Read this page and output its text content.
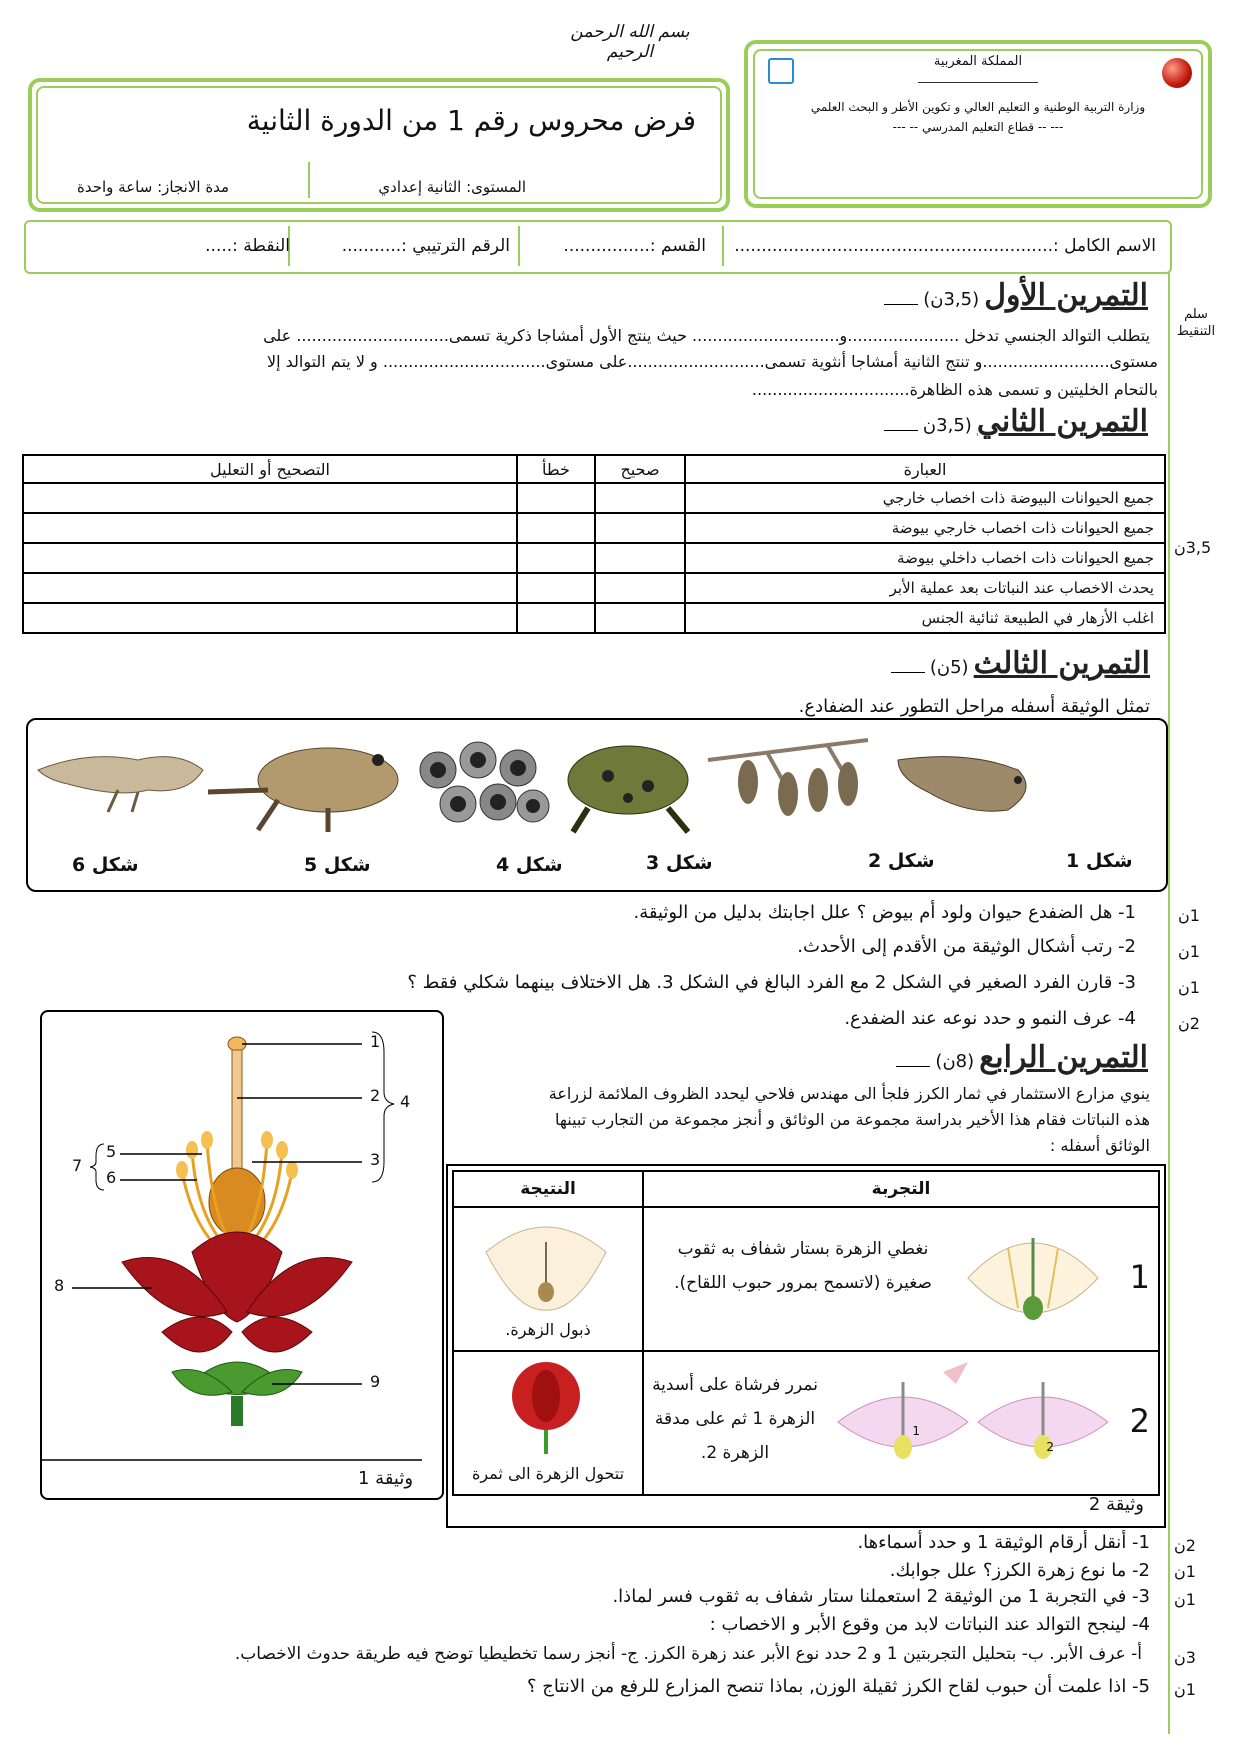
بسم الله الرحمن الرحيم	المملكة المغربية
وزارة التربية الوطنية و التعليم العالي و تكوين الأطر و البحث العلمي
--- -- قطاع التعليم المدرسي -- ---
فرض محروس رقم 1 من الدورة الثانية
المستوى: الثانية إعدادي
مدة الانجاز: ساعة واحدة
الاسم الكامل :...........................................................
القسم :................
الرقم الترتيبي :...........
النقطة :.....
سلم التنقيط
التمرين الأول (3,5ن)
يتطلب التوالد الجنسي تدخل ......................و............................. حيث ينتج الأول أمشاجا ذكرية تسمى.............................. على
مستوى.........................و تنتج الثانية أمشاجا أنثوية تسمى...........................على مستوى................................ و لا يتم التوالد إلا
بالتحام الخليتين و تسمى هذه الظاهرة...............................
التمرين الثاني (3,5ن
3,5ن
العبارة	صحيح	خطأ	التصحيح أو التعليل
جميع الحيوانات البيوضة ذات اخصاب خارجي			
جميع الحيوانات ذات اخصاب خارجي بيوضة			
جميع الحيوانات ذات اخصاب داخلي بيوضة			
يحدث الاخصاب عند النباتات بعد عملية الأبر			
اغلب الأزهار في الطبيعة ثنائية الجنس			
التمرين الثالث (5ن)
تمثل الوثيقة أسفله مراحل التطور عند الضفادع.
شكل 6	شكل 5	شكل 4	شكل 3	شكل 2	شكل 1
1- هل الضفدع حيوان ولود أم بيوض ؟ علل اجابتك بدليل من الوثيقة.	1ن
2- رتب أشكال الوثيقة من الأقدم إلى الأحدث.	1ن
3- قارن الفرد الصغير في الشكل 2 مع الفرد البالغ في الشكل 3. هل الاختلاف بينهما شكلي فقط ؟	1ن
4- عرف النمو و حدد نوعه عند الضفدع.	2ن
1
2
3
4
5
6
7
8
9
وثيقة 1
التمرين الرابع (8ن)
ينوي مزارع الاستثمار في ثمار الكرز فلجأ الى مهندس فلاحي ليحدد الظروف الملائمة لزراعة
هذه النباتات فقام هذا الأخير بدراسة مجموعة من الوثائق و أنجز مجموعة من التجارب تبينها
الوثائق أسفله :
التجربة	النتيجة

1
نغطي الزهرة بستار شفاف به ثقوب صغيرة (لاتسمح بمرور حبوب اللقاح).	ذبول الزهرة.

2
2
1
نمرر فرشاة على أسدية الزهرة 1 ثم على مدقة الزهرة 2.	تتحول الزهرة الى ثمرة
وثيقة 2
1- أنقل أرقام الوثيقة 1 و حدد أسماءها. 2ن
2- ما نوع زهرة الكرز؟ علل جوابك. 1ن
3- في التجربة 1 من الوثيقة 2 استعملنا ستار شفاف به ثقوب فسر لماذا. 1ن
4- لينجح التوالد عند النباتات لابد من وقوع الأبر و الاخصاب :
أ- عرف الأبر. ب- بتحليل التجربتين 1 و 2 حدد نوع الأبر عند زهرة الكرز. ج- أنجز رسما تخطيطيا توضح فيه طريقة حدوث الاخصاب. 3ن
5- اذا علمت أن حبوب لقاح الكرز ثقيلة الوزن, بماذا تنصح المزارع للرفع من الانتاج ؟ 1ن
